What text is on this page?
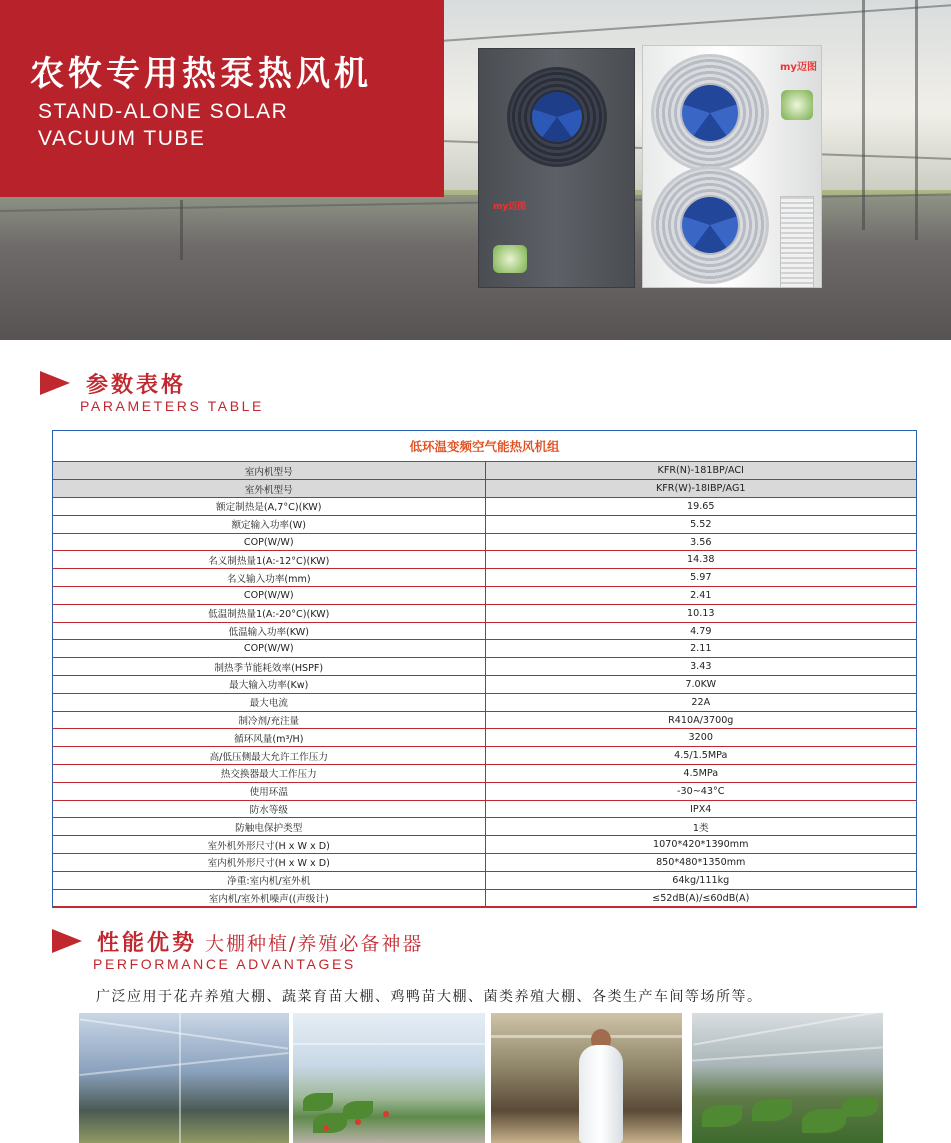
农牧专用热泵热风机
STAND-ALONE SOLAR
VACUUM TUBE
my迈图
my迈图
参数表格
PARAMETERS TABLE
低环温变频空气能热风机组
室内机型号	KFR(N)-181BP/ACI
室外机型号	KFR(W)-18IBP/AG1
额定制热是(A,7°C)(KW)	19.65
额定输入功率(W)	5.52
COP(W/W)	3.56
名义制热量1(A:-12°C)(KW)	14.38
名义输入功率(mm)	5.97
COP(W/W)	2.41
低温制热量1(A:-20°C)(KW)	10.13
低温输入功率(KW)	4.79
COP(W/W)	2.11
制热季节能耗效率(HSPF)	3.43
最大输入功率(Kw)	7.0KW
最大电流	22A
制冷剂/充注量	R410A/3700g
循环风量(m³/H)	3200
高/低压侧最大允许工作压力	4.5/1.5MPa
热交换器最大工作压力	4.5MPa
使用环温	-30~43°C
防水等级	IPX4
防触电保护类型	1类
室外机外形尺寸(H x W x D)	1070*420*1390mm
室内机外形尺寸(H x W x D)	850*480*1350mm
净重:室内机/室外机	64kg/111kg
室内机/室外机噪声((声级计)	≤52dB(A)/≤60dB(A)
性能优势 大棚种植/养殖必备神器
PERFORMANCE ADVANTAGES
广泛应用于花卉养殖大棚、蔬菜育苗大棚、鸡鸭苗大棚、菌类养殖大棚、各类生产车间等场所等。
